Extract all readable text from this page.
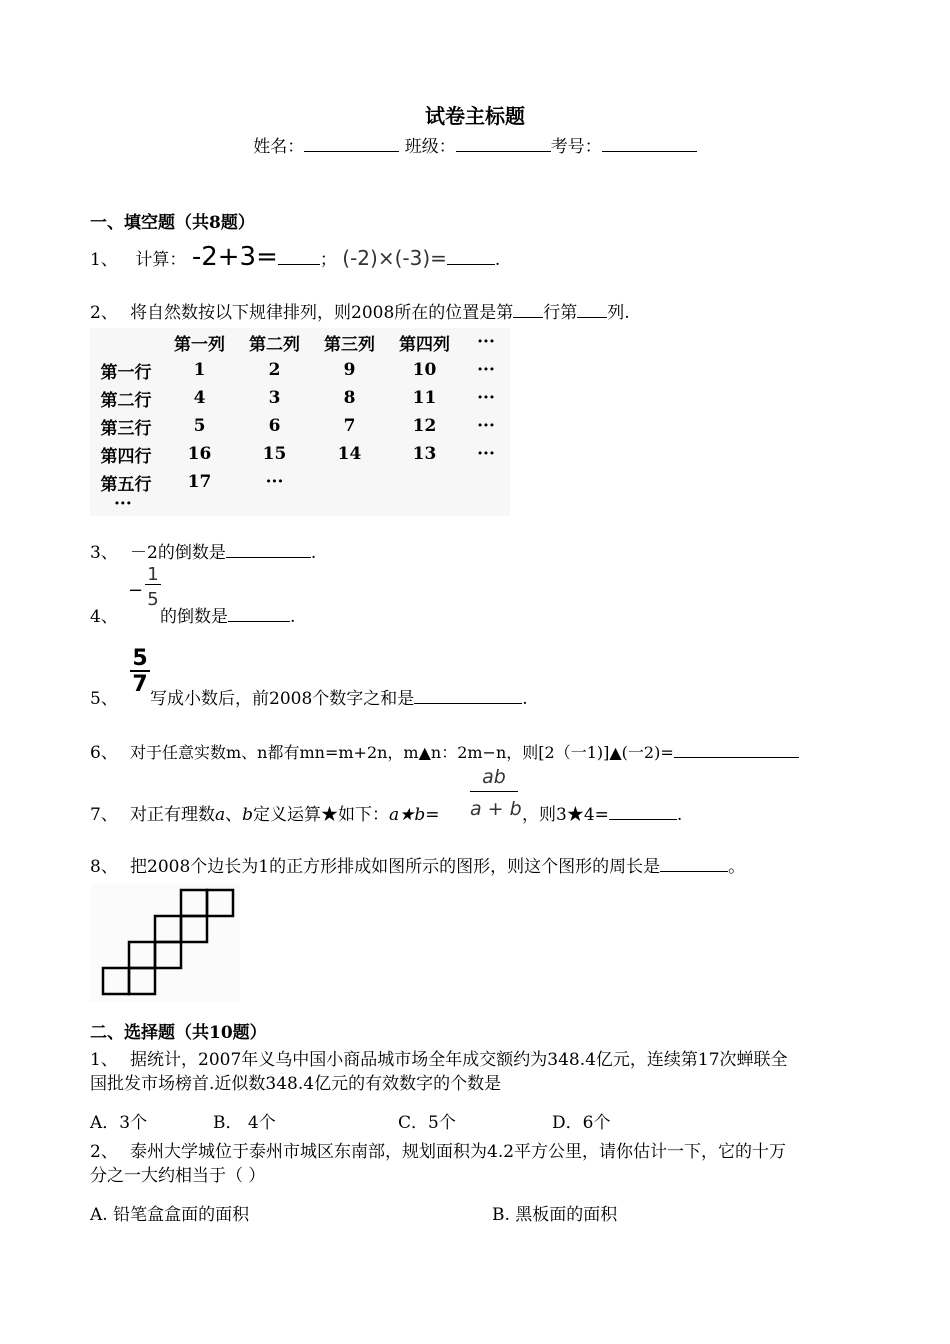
试卷主标题
姓名：	班级：	考号：
一、填空题（共8题）
1、 计算： -2+3= ； (-2)×(-3)=	.
2、 将自然数按以下规律排列，则2008所在的位置是第 行第 列.
	第一列	第二列	第三列	第四列	···
第一行	1	2	9	10	···
第二行	4	3	8	11	···
第三行	5	6	7	12	···
第四行	16	15	14	13	···
第五行	17	···			
···
3、 －2的倒数是	.
4、
− $\frac{1}{5}$
的倒数是	.
5、
$\frac{5}{7}$
写成小数后，前2008个数字之和是	.
6、 对于任意实数m、n都有mn=m+2n，m▲n：2m−n，则[2（一1)]▲(一2)=
7、 对正有理数a、b定义运算★如下：a★b= $\frac{ab}{a + b}$ ，则3★4=	.
8、 把2008个边长为1的正方形排成如图所示的图形，则这个图形的周长是	。
二、选择题（共10题）
1、 据统计，2007年义乌中国小商品城市场全年成交额约为348.4亿元，连续第17次蝉联全
国批发市场榜首.近似数348.4亿元的有效数字的个数是
A．3个	B． 4个	C．5个	D．6个
2、 泰州大学城位于泰州市城区东南部，规划面积为4.2平方公里，请你估计一下，它的十万
分之一大约相当于（ ）
A. 铅笔盒盒面的面积	B. 黑板面的面积
